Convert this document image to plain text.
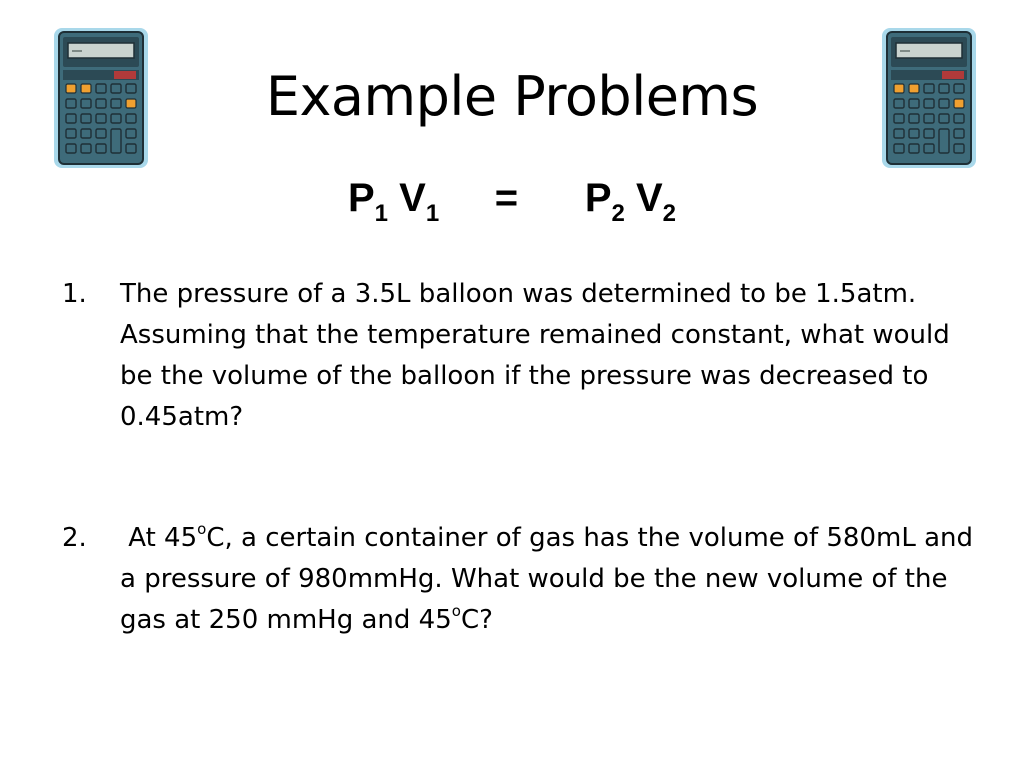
Example Problems
$P_1$ $V_1 = P_2$ $V_2$
1. The pressure of a 3.5L balloon was determined to be 1.5atm. Assuming that the temperature remained constant, what would be the volume of the balloon if the pressure was decreased to 0.45atm?
2. At 45$^o$C, a certain container of gas has the volume of 580mL and a pressure of 980mmHg. What would be the new volume of the gas at 250 mmHg and 45$^o$C?
